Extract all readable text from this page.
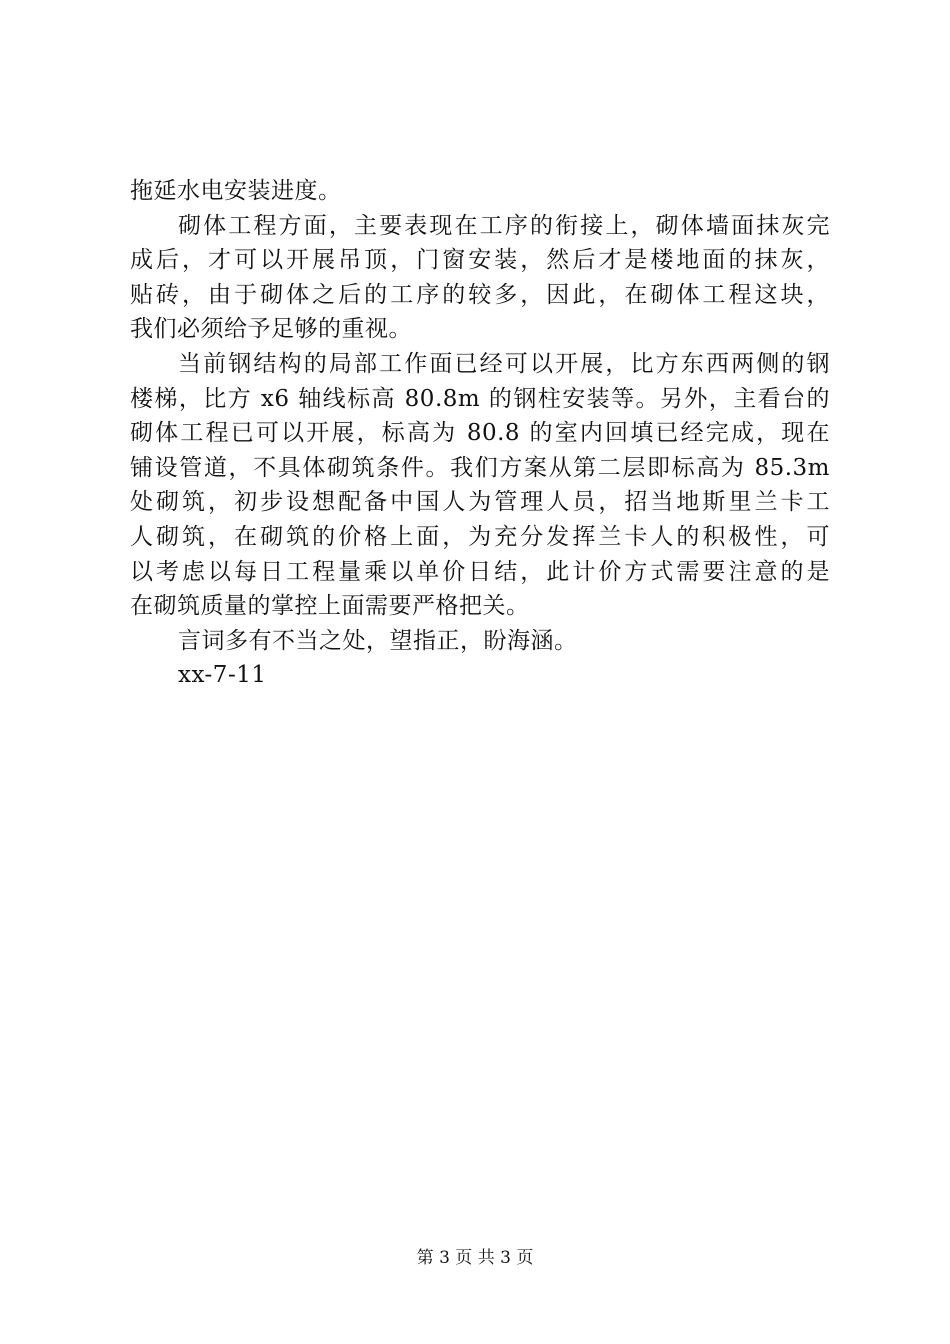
拖延水电安装进度。
砌体工程方面，主要表现在工序的衔接上，砌体墙面抹灰完
成后，才可以开展吊顶，门窗安装，然后才是楼地面的抹灰，
贴砖，由于砌体之后的工序的较多，因此，在砌体工程这块，
我们必须给予足够的重视。
当前钢结构的局部工作面已经可以开展，比方东西两侧的钢
楼梯，比方 x6 轴线标高 80.8m 的钢柱安装等。另外，主看台的
砌体工程已可以开展，标高为 80.8 的室内回填已经完成，现在
铺设管道，不具体砌筑条件。我们方案从第二层即标高为 85.3m
处砌筑，初步设想配备中国人为管理人员，招当地斯里兰卡工
人砌筑，在砌筑的价格上面，为充分发挥兰卡人的积极性，可
以考虑以每日工程量乘以单价日结，此计价方式需要注意的是
在砌筑质量的掌控上面需要严格把关。
言词多有不当之处，望指正，盼海涵。
xx-7-11
第 3 页 共 3 页
